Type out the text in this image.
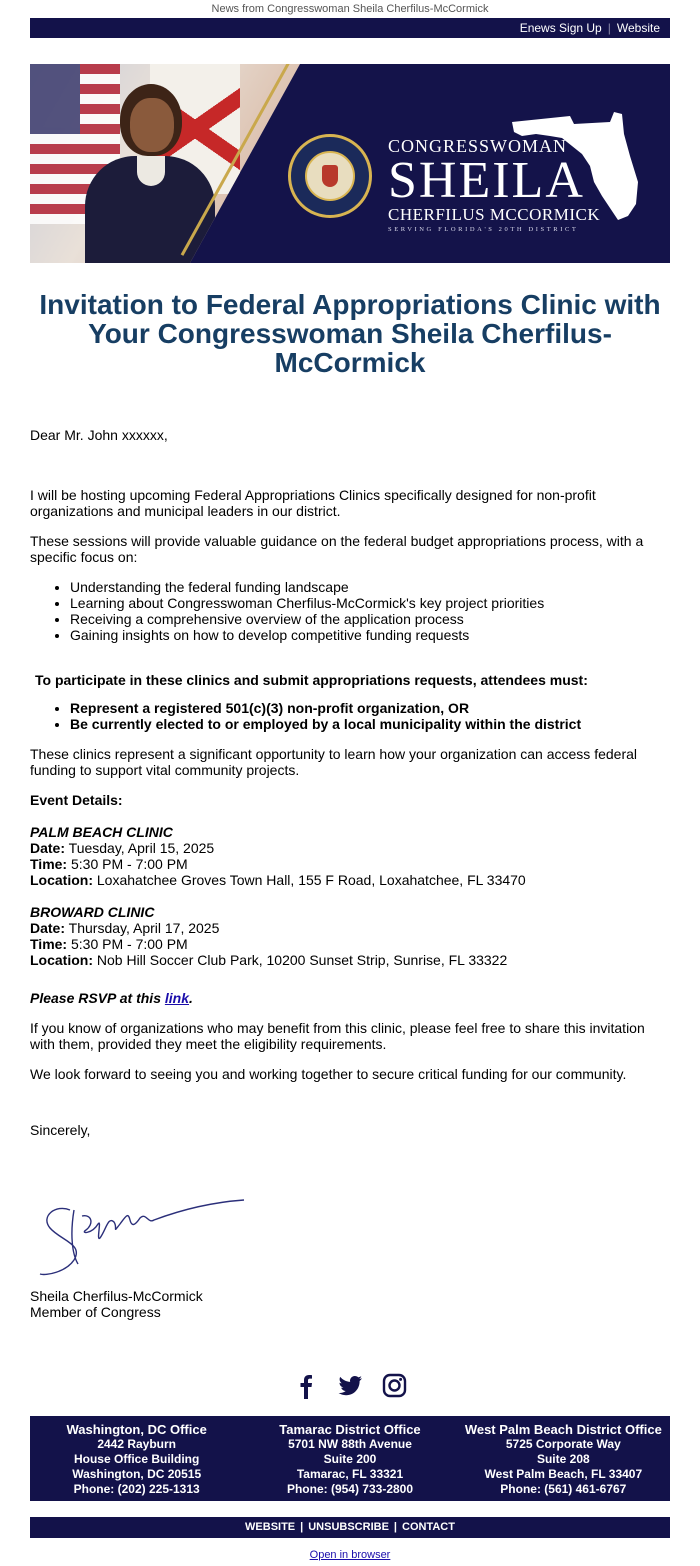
News from Congresswoman Sheila Cherfilus-McCormick
Enews Sign Up | Website
CONGRESSWOMAN
SHEILA
CHERFILUS MCCORMICK
SERVING FLORIDA'S 20TH DISTRICT
Invitation to Federal Appropriations Clinic with Your Congresswoman Sheila Cherfilus-McCormick

Dear Mr. John xxxxxx,

I will be hosting upcoming Federal Appropriations Clinics specifically designed for non-profit organizations and municipal leaders in our district.

These sessions will provide valuable guidance on the federal budget appropriations process, with a specific focus on:

• Understanding the federal funding landscape
• Learning about Congresswoman Cherfilus-McCormick's key project priorities
• Receiving a comprehensive overview of the application process
• Gaining insights on how to develop competitive funding requests

To participate in these clinics and submit appropriations requests, attendees must:

• Represent a registered 501(c)(3) non-profit organization, OR
• Be currently elected to or employed by a local municipality within the district

These clinics represent a significant opportunity to learn how your organization can access federal funding to support vital community projects.

Event Details:

PALM BEACH CLINIC
Date: Tuesday, April 15, 2025
Time: 5:30 PM - 7:00 PM
Location: Loxahatchee Groves Town Hall, 155 F Road, Loxahatchee, FL 33470
BROWARD CLINIC
Date: Thursday, April 17, 2025
Time: 5:30 PM - 7:00 PM
Location: Nob Hill Soccer Club Park, 10200 Sunset Strip, Sunrise, FL 33322

Please RSVP at this link.

If you know of organizations who may benefit from this clinic, please feel free to share this invitation with them, provided they meet the eligibility requirements.

We look forward to seeing you and working together to secure critical funding for our community.

Sincerely,

Sheila Cherfilus-McCormick
Member of Congress

Washington, DC Office
2442 Rayburn
House Office Building
Washington, DC 20515
Phone: (202) 225-1313
Tamarac District Office
5701 NW 88th Avenue
Suite 200
Tamarac, FL 33321
Phone: (954) 733-2800
West Palm Beach District Office
5725 Corporate Way
Suite 208
West Palm Beach, FL 33407
Phone: (561) 461-6767
WEBSITE | UNSUBSCRIBE | CONTACT
Open in browser
